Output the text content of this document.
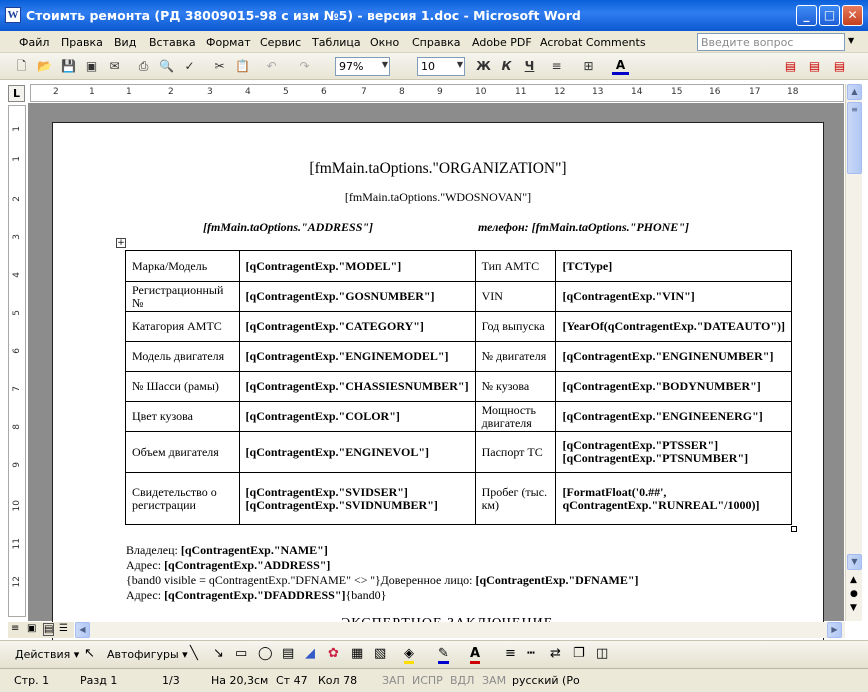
W Стоимть ремонта (РД 38009015-98 с изм №5) - версия 1.doc - Microsoft Word	_	□	✕
Файл Правка Вид Вставка Формат Сервис Таблица Окно Справка Adobe PDF Acrobat Comments	Введите вопрос	▼
🗋 📂 💾 ▣ ✉	⎙ 🔍 ✓ ✂ 📋 ↶ ↷	97% ▼	10	▼ Ж К	Ч	≡ ⊞	A	▤ ▤ ▤
L	2	1	1	2	3	4	5	6	7	8	9	10	11	12	13	14	15	16	17	18
1
1
2
3
4
5
6
7
8
9
10
11
12
[fmMain.taOptions."ORGANIZATION"]
[fmMain.taOptions."WDOSNOVAN"]
[fmMain.taOptions."ADDRESS"]	телефон: [fmMain.taOptions."PHONE"]
+
Марка/Модель	[qContragentExp."MODEL"]	Тип АМТС	[TCType]
Регистрационный №	[qContragentExp."GOSNUMBER"]	VIN	[qContragentExp."VIN"]
Катагория АМТС	[qContragentExp."CATEGORY"]	Год выпуска	[YearOf(qContragentExp."DATEAUTO")]
Модель двигателя	[qContragentExp."ENGINEMODEL"]	№ двигателя	[qContragentExp."ENGINENUMBER"]
№ Шасси (рамы)	[qContragentExp."CHASSIESNUMBER"]	№ кузова	[qContragentExp."BODYNUMBER"]
Цвет кузова	[qContragentExp."COLOR"]	Мощность двигателя	[qContragentExp."ENGINEENERG"]
Объем двигателя	[qContragentExp."ENGINEVOL"]	Паспорт ТС	[qContragentExp."PTSSER"] [qContragentExp."PTSNUMBER"]
Свидетельство о регистрации	[qContragentExp."SVIDSER"] [qContragentExp."SVIDNUMBER"]	Пробег (тыс. км)	[FormatFloat('0.##', qContragentExp."RUNREAL"/1000)]
Владелец: [qContragentExp."NAME"]
Адрес: [qContragentExp."ADDRESS"]
{band0 visible = qContragentExp."DFNAME" <> ''}Доверенное лицо: [qContragentExp."DFNAME"]
Адрес: [qContragentExp."DFADDRESS"]{band0}
▲
≡
▼
▲
●
▼
≡ ▣ ▤ ☰	◀	▶
Действия ▾ ↖ Автофигуры ▾ ╲ ↘ ▭ ◯ ▤ ◢ ✿ ▦ ▧ ◈ ✎ A ≡ ┅ ⇄ ❐ ◫
Стр. 1	Разд 1	1/3	На 20,3см Ст 47 Кол 78 ЗАП ИСПР ВДЛ ЗАМ русский (Ро
